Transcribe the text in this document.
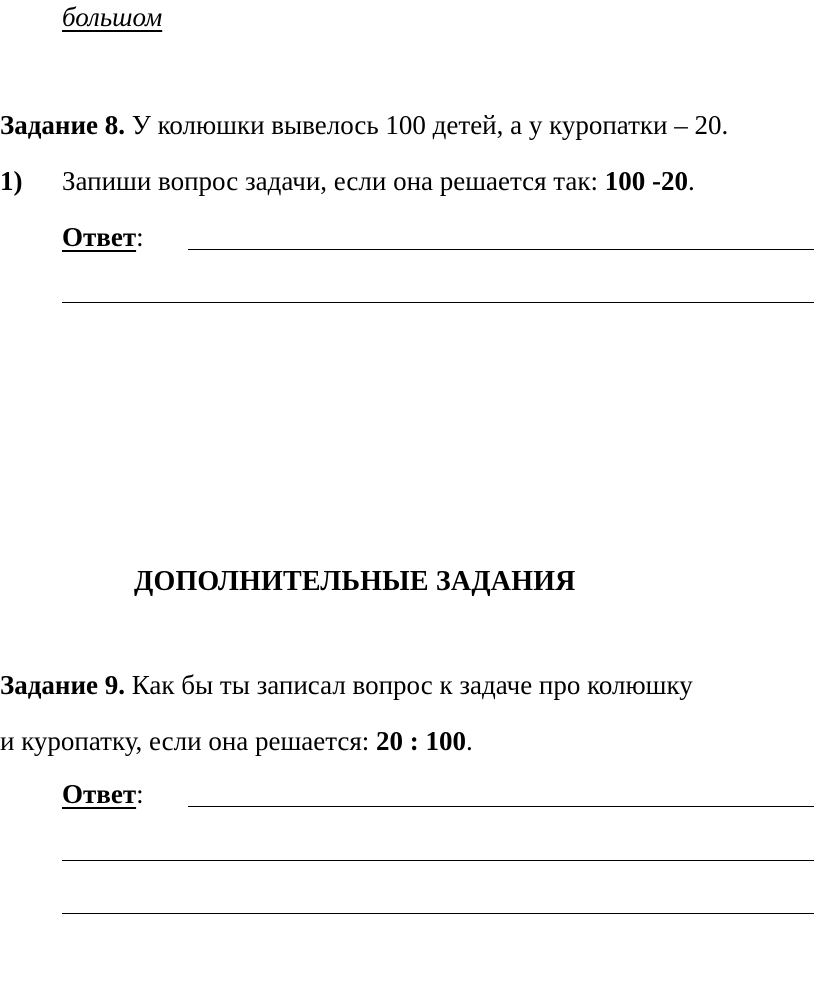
большом
Задание 8. У колюшки вывелось 100 детей, а у куропатки – 20.
1) Запиши вопрос задачи, если она решается так: 100 -20.
Ответ:
ДОПОЛНИТЕЛЬНЫЕ ЗАДАНИЯ
Задание 9. Как бы ты записал вопрос к задаче про колюшку
и куропатку, если она решается: 20 : 100.
Ответ:
